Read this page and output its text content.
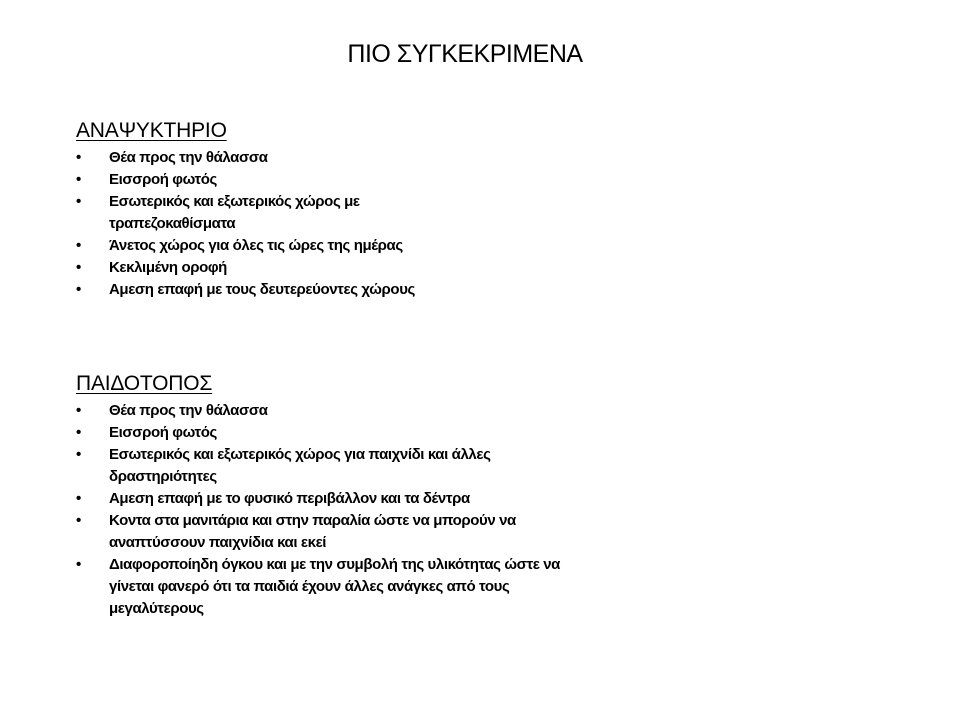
ΠΙΟ ΣΥΓΚΕΚΡΙΜΕΝΑ
ΑΝΑΨΥΚΤΗΡΙΟ
•	Θέα προς την θάλασσα
•	Εισσροή φωτός
•	Εσωτερικός και εξωτερικός χώρος με τραπεζοκαθίσματα
•	Άνετος χώρος για όλες τις ώρες της ημέρας
•	Κεκλιμένη οροφή
•	Αμεση επαφή με τους δευτερεύοντες χώρους
ΠΑΙΔΟΤΟΠΟΣ
•	Θέα προς την θάλασσα
•	Εισσροή φωτός
•	Εσωτερικός και εξωτερικός χώρος για παιχνίδι και άλλες δραστηριότητες
•	Αμεση επαφή με το φυσικό περιβάλλον και τα δέντρα
•	Κοντα στα μανιτάρια και στην παραλία ώστε να μπορούν να αναπτύσσουν παιχνίδια και εκεί
•	Διαφοροποίηδη όγκου και με την συμβολή της υλικότητας ώστε να γίνεται φανερό ότι τα παιδιά έχουν άλλες ανάγκες από τους μεγαλύτερους
